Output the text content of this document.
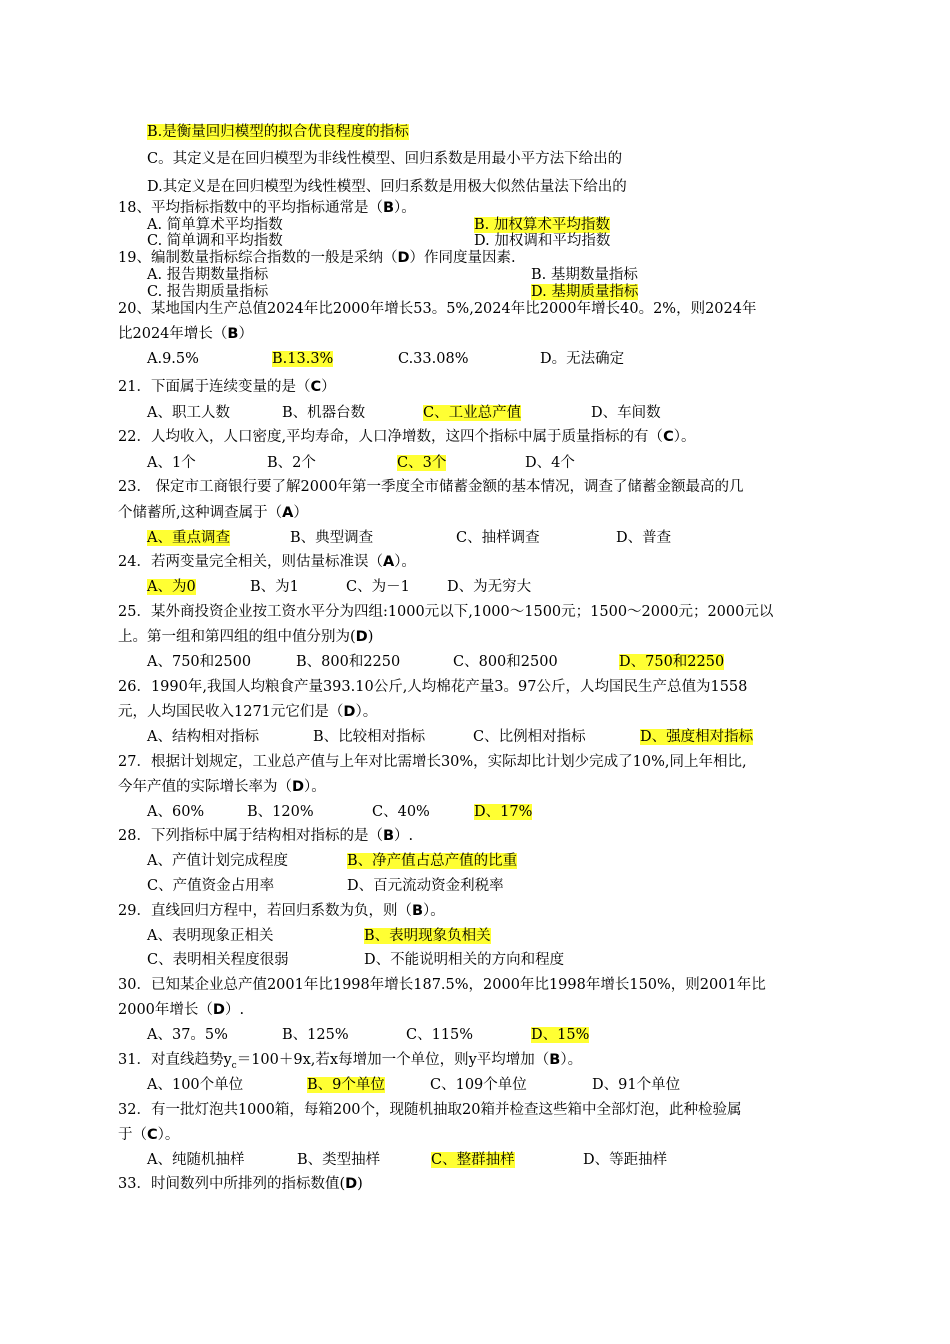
B.是衡量回归模型的拟合优良程度的指标
C。其定义是在回归模型为非线性模型、回归系数是用最小平方法下给出的
D.其定义是在回归模型为线性模型、回归系数是用极大似然估量法下给出的
18、平均指标指数中的平均指标通常是（B）。
A. 简单算术平均指数	B. 加权算术平均指数
C. 简单调和平均指数	D. 加权调和平均指数
19、编制数量指标综合指数的一般是采纳（D）作同度量因素.
A. 报告期数量指标	B. 基期数量指标
C. 报告期质量指标	D. 基期质量指标
20、某地国内生产总值2024年比2000年增长53。5%,2024年比2000年增长40。2%，则2024年
比2024年增长（B）
A.9.5%	B.13.3%	C.33.08%	D。无法确定
21．下面属于连续变量的是（C）
A、职工人数	B、机器台数	C、工业总产值	D、车间数
22．人均收入，人口密度,平均寿命，人口净增数，这四个指标中属于质量指标的有（C）。
A、1个	B、2个	C、3个	D、4个
23． 保定市工商银行要了解2000年第一季度全市储蓄金额的基本情况，调查了储蓄金额最高的几
个储蓄所,这种调查属于（A）
A、重点调查	B、典型调查	C、抽样调查	D、普查
24．若两变量完全相关，则估量标准误（A）。
A、为0	B、为1	C、为－1	D、为无穷大
25．某外商投资企业按工资水平分为四组:1000元以下,1000～1500元；1500～2000元；2000元以
上。第一组和第四组的组中值分别为(D)
A、750和2500	B、800和2250	C、800和2500	D、750和2250
26．1990年,我国人均粮食产量393.10公斤,人均棉花产量3。97公斤，人均国民生产总值为1558
元，人均国民收入1271元它们是（D）。
A、结构相对指标	B、比较相对指标	C、比例相对指标	D、强度相对指标
27．根据计划规定，工业总产值与上年对比需增长30%，实际却比计划少完成了10%,同上年相比,
今年产值的实际增长率为（D）。
A、60%	B、120%	C、40%	D、17%
28．下列指标中属于结构相对指标的是（B）.
A、产值计划完成程度	B、净产值占总产值的比重
C、产值资金占用率	D、百元流动资金利税率
29．直线回归方程中，若回归系数为负，则（B）。
A、表明现象正相关	B、表明现象负相关
C、表明相关程度很弱	D、不能说明相关的方向和程度
30．已知某企业总产值2001年比1998年增长187.5%，2000年比1998年增长150%，则2001年比
2000年增长（D）.
A、37。5%	B、125%	C、115%	D、15%
31．对直线趋势$y_c=100+9x$,若x每增加一个单位，则y平均增加（B）。
A、100个单位	B、9个单位	C、109个单位	D、91个单位
32．有一批灯泡共1000箱，每箱200个，现随机抽取20箱并检查这些箱中全部灯泡，此种检验属
于（C）。
A、纯随机抽样	B、类型抽样	C、整群抽样	D、等距抽样
33．时间数列中所排列的指标数值(D)
